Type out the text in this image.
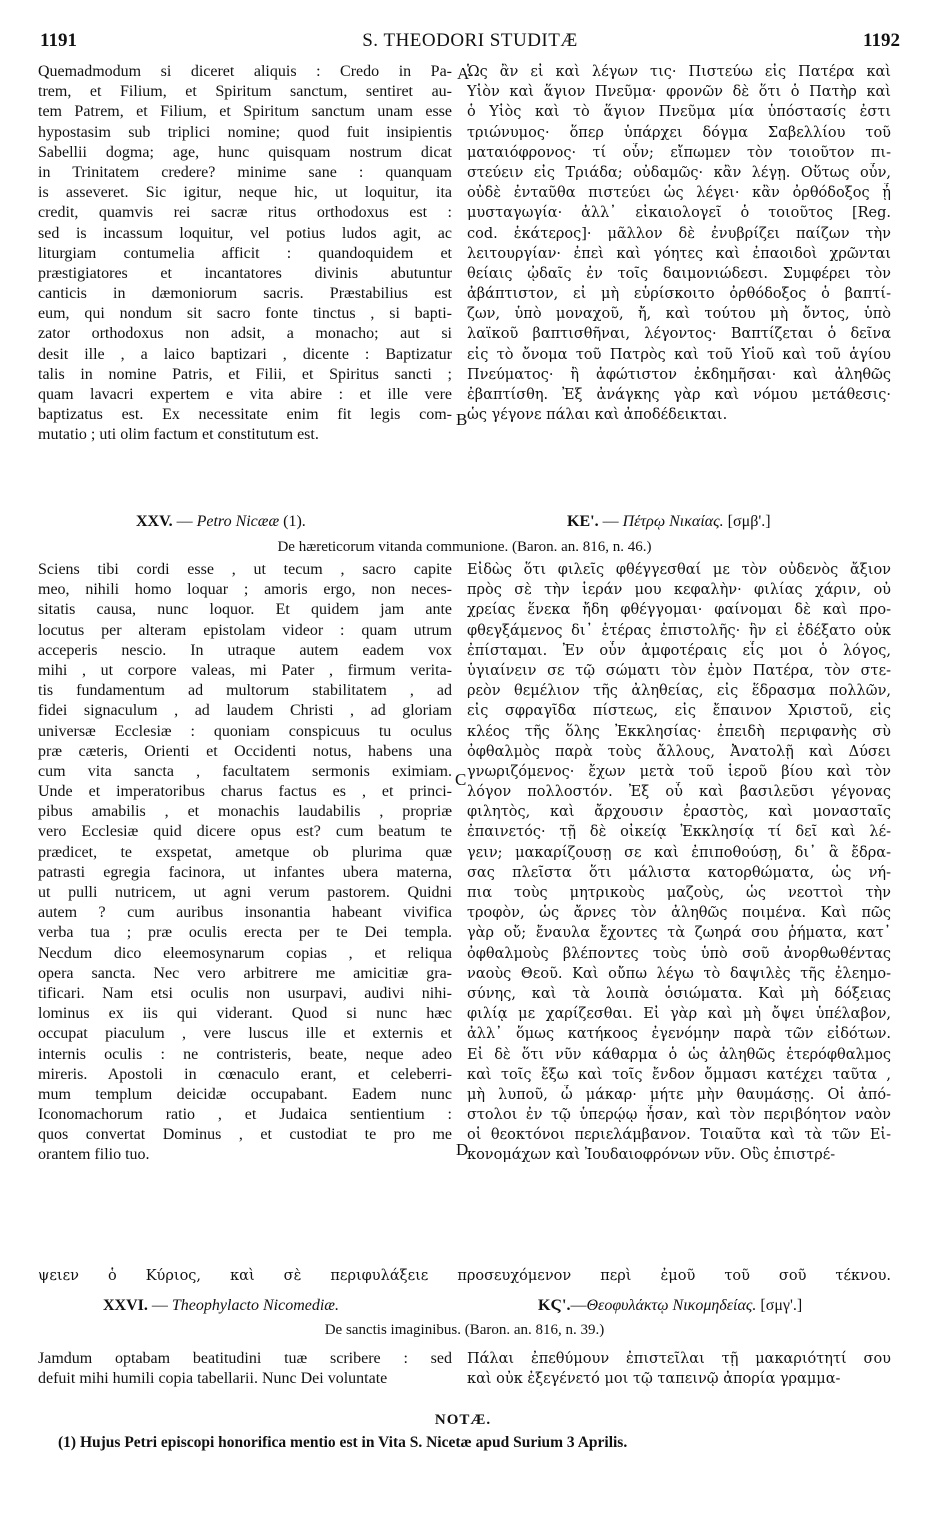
1191	S. THEODORI STUDITÆ	1192
Quemadmodum si diceret aliquis : Credo in Pa-
trem, et Filium, et Spiritum sanctum, sentiret au-
tem Patrem, et Filium, et Spiritum sanctum unam esse
hypostasim sub triplici nomine; quod fuit insipientis
Sabellii dogma; age, hunc quisquam nostrum dicat
in Trinitatem credere? minime sane : quanquam
is asseveret. Sic igitur, neque hic, ut loquitur, ita
credit, quamvis rei sacræ ritus orthodoxus est :
sed is incassum loquitur, vel potius ludos agit, ac
liturgiam contumelia afficit : quandoquidem et
præstigiatores et incantatores divinis abutuntur
canticis in dæmoniorum sacris. Præstabilius est
eum, qui nondum sit sacro fonte tinctus , si bapti-
zator orthodoxus non adsit, a monacho; aut si
desit ille , a laico baptizari , dicente : Baptizatur
talis in nomine Patris, et Filii, et Spiritus sancti ;
quam lavacri expertem e vita abire : et ille vere
baptizatus est. Ex necessitate enim fit legis com-
mutatio ; uti olim factum et constitutum est.
Ὡς ἂν εἰ καὶ λέγων τις· Πιστεύω εἰς Πατέρα καὶ
Υἱὸν καὶ ἅγιον Πνεῦμα· φρονῶν δὲ ὅτι ὁ Πατὴρ καὶ
ὁ Υἱὸς καὶ τὸ ἅγιον Πνεῦμα μία ὑπόστασίς ἐστι
τριώνυμος· ὅπερ ὑπάρχει δόγμα Σαβελλίου τοῦ
ματαιόφρονος· τί οὖν; εἴπωμεν τὸν τοιοῦτον πι-
στεύειν εἰς Τριάδα; οὐδαμῶς· κἂν λέγῃ. Οὕτως οὖν,
οὐδὲ ἐνταῦθα πιστεύει ὡς λέγει· κἂν ὀρθόδοξος ᾖ
μυσταγωγία· ἀλλ᾽ εἰκαιολογεῖ ὁ τοιοῦτος [Reg.
cod. ἑκάτερος]· μᾶλλον δὲ ἐνυβρίζει παίζων τὴν
λειτουργίαν· ἐπεὶ καὶ γόητες καὶ ἐπαοιδοὶ χρῶνται
θείαις ᾠδαῖς ἐν τοῖς δαιμονιώδεσι. Συμφέρει τὸν
ἀβάπτιστον, εἰ μὴ εὑρίσκοιτο ὀρθόδοξος ὁ βαπτί-
ζων, ὑπὸ μοναχοῦ, ἤ, καὶ τούτου μὴ ὄντος, ὑπὸ
λαϊκοῦ βαπτισθῆναι, λέγοντος· Βαπτίζεται ὁ δεῖνα
εἰς τὸ ὄνομα τοῦ Πατρὸς καὶ τοῦ Υἱοῦ καὶ τοῦ ἁγίου
Πνεύματος· ἢ ἀφώτιστον ἐκδημῆσαι· καὶ ἀληθῶς
ἐβαπτίσθη. Ἐξ ἀνάγκης γὰρ καὶ νόμου μετάθεσις·
ὡς γέγονε πάλαι καὶ ἀποδέδεικται.
A
B
XXV. — Petro Nicææ (1).	ΚΕ'. — Πέτρῳ Νικαίας. [σμβ'.]
De hæreticorum vitanda communione. (Baron. an. 816, n. 46.)
Sciens tibi cordi esse , ut tecum , sacro capite
meo, nihili homo loquar ; amoris ergo, non neces-
sitatis causa, nunc loquor. Et quidem jam ante
locutus per alteram epistolam videor : quam utrum
acceperis nescio. In utraque autem eadem vox
mihi , ut corpore valeas, mi Pater , firmum verita-
tis fundamentum ad multorum stabilitatem , ad
fidei signaculum , ad laudem Christi , ad gloriam
universæ Ecclesiæ : quoniam conspicuus tu oculus
præ cæteris, Orienti et Occidenti notus, habens una
cum vita sancta , facultatem sermonis eximiam.
Unde et imperatoribus charus factus es , et princi-
pibus amabilis , et monachis laudabilis , propriæ
vero Ecclesiæ quid dicere opus est? cum beatum te
prædicet, te exspetat, ametque ob plurima quæ
patrasti egregia facinora, ut infantes ubera materna,
ut pulli nutricem, ut agni verum pastorem. Quidni
autem ? cum auribus insonantia habeant vivifica
verba tua ; præ oculis erecta per te Dei templa.
Necdum dico eleemosynarum copias , et reliqua
opera sancta. Nec vero arbitrere me amicitiæ gra-
tificari. Nam etsi oculis non usurpavi, audivi nihi-
lominus ex iis qui viderant. Quod si nunc hæc
occupat piaculum , vere luscus ille et externis et
internis oculis : ne contristeris, beate, neque adeo
mireris. Apostoli in cœnaculo erant, et celeberri-
mum templum deicidæ occupabant. Eadem nunc
Iconomachorum ratio , et Judaica sentientium :
quos convertat Dominus , et custodiat te pro me
orantem filio tuo.
Εἰδὼς ὅτι φιλεῖς φθέγγεσθαί με τὸν οὐδενὸς ἄξιον
πρὸς σὲ τὴν ἱεράν μου κεφαλὴν· φιλίας χάριν, οὐ
χρείας ἕνεκα ἤδη φθέγγομαι· φαίνομαι δὲ καὶ προ-
φθεγξάμενος δι᾽ ἑτέρας ἐπιστολῆς· ἣν εἰ ἐδέξατο οὐκ
ἐπίσταμαι. Ἐν οὖν ἀμφοτέραις εἷς μοι ὁ λόγος,
ὑγιαίνειν σε τῷ σώματι τὸν ἐμὸν Πατέρα, τὸν στε-
ρεὸν θεμέλιον τῆς ἀληθείας, εἰς ἕδρασμα πολλῶν,
εἰς σφραγῖδα πίστεως, εἰς ἔπαινον Χριστοῦ, εἰς
κλέος τῆς ὅλης Ἐκκλησίας· ἐπειδὴ περιφανὴς σὺ
ὀφθαλμὸς παρὰ τοὺς ἄλλους, Ἀνατολῇ καὶ Δύσει
γνωριζόμενος· ἔχων μετὰ τοῦ ἱεροῦ βίου καὶ τὸν
λόγον πολλοστόν. Ἐξ οὗ καὶ βασιλεῦσι γέγονας
φιλητὸς, καὶ ἄρχουσιν ἐραστὸς, καὶ μονασταῖς
ἐπαινετός· τῇ δὲ οἰκείᾳ Ἐκκλησίᾳ τί δεῖ καὶ λέ-
γειν; μακαρίζουσῃ σε καὶ ἐπιποθούσῃ, δι᾽ ἃ ἔδρα-
σας πλεῖστα ὅτι μάλιστα κατορθώματα, ὡς νή-
πια τοὺς μητρικοὺς μαζοὺς, ὡς νεοττοὶ τὴν
τροφὸν, ὡς ἄρνες τὸν ἀληθῶς ποιμένα. Καὶ πῶς
γὰρ οὔ; ἔναυλα ἔχοντες τὰ ζωηρά σου ῥήματα, κατ᾽
ὀφθαλμοὺς βλέποντες τοὺς ὑπὸ σοῦ ἀνορθωθέντας
ναοὺς Θεοῦ. Καὶ οὔπω λέγω τὸ δαψιλὲς τῆς ἐλεημο-
σύνης, καὶ τὰ λοιπὰ ὁσιώματα. Καὶ μὴ δόξειας
φιλίᾳ με χαρίζεσθαι. Εἰ γὰρ καὶ μὴ ὄψει ὑπέλαβον,
ἀλλ᾽ ὅμως κατήκοος ἐγενόμην παρὰ τῶν εἰδότων.
Εἰ δὲ ὅτι νῦν κάθαρμα ὁ ὡς ἀληθῶς ἑτερόφθαλμος
καὶ τοῖς ἔξω καὶ τοῖς ἔνδον ὄμμασι κατέχει ταῦτα ,
μὴ λυποῦ, ὦ μάκαρ· μήτε μὴν θαυμάσῃς. Οἱ ἀπό-
στολοι ἐν τῷ ὑπερῴῳ ἦσαν, καὶ τὸν περιβόητον ναὸν
οἱ θεοκτόνοι περιελάμβανον. Τοιαῦτα καὶ τὰ τῶν Εἰ-
κονομάχων καὶ Ἰουδαιοφρόνων νῦν. Οὓς ἐπιστρέ-
C
D
ψειεν ὁ Κύριος, καὶ σὲ περιφυλάξειε προσευχόμενον περὶ ἐμοῦ τοῦ σοῦ τέκνου.
XXVI. — Theophylacto Nicomediæ.	ΚϚ'.—Θεοφυλάκτῳ Νικομηδείας. [σμγ'.]
De sanctis imaginibus. (Baron. an. 816, n. 39.)
Jamdum optabam beatitudini tuæ scribere : sed
defuit mihi humili copia tabellarii. Nunc Dei voluntate
Πάλαι ἐπεθύμουν ἐπιστεῖλαι τῇ μακαριότητί σου
καὶ οὐκ ἐξεγένετό μοι τῷ ταπεινῷ ἀπορία γραμμα-
NOTÆ.
(1) Hujus Petri episcopi honorifica mentio est in Vita S. Nicetæ apud Surium 3 Aprilis.
